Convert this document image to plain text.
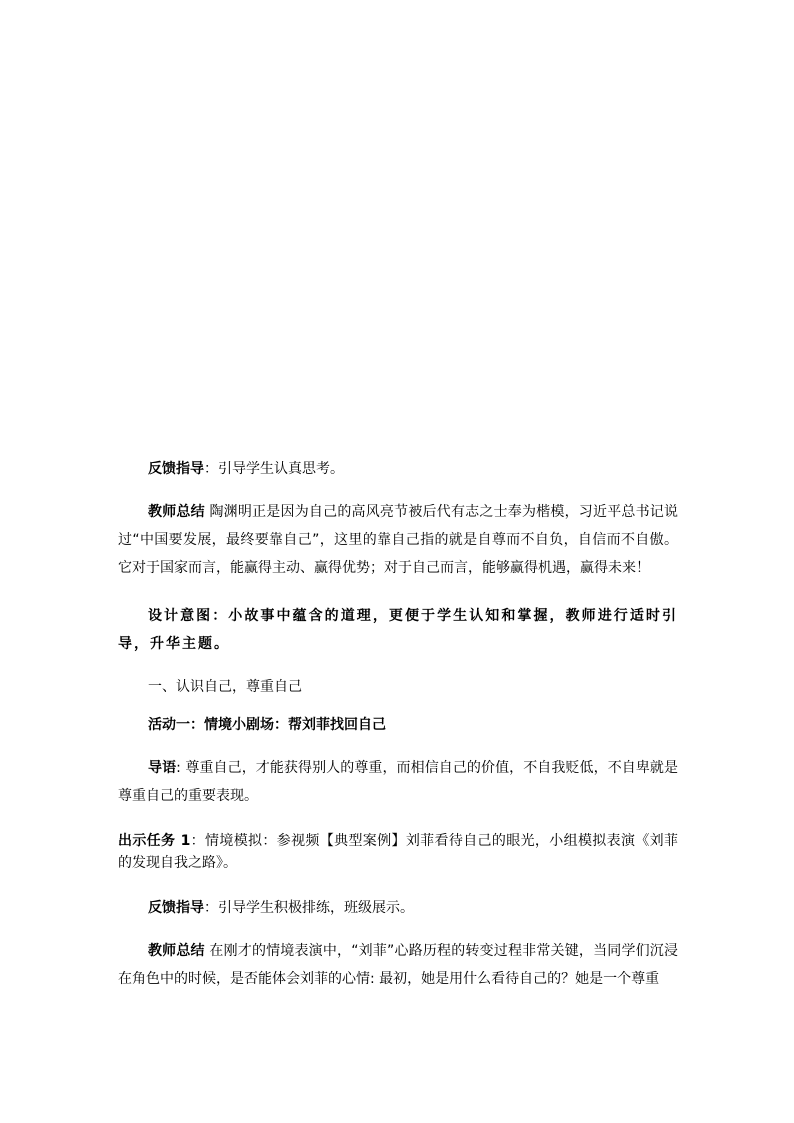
反馈指导：引导学生认真思考。

教师总结 陶渊明正是因为自己的高风亮节被后代有志之士奉为楷模，习近平总书记说过“中国要发展，最终要靠自己”，这里的靠自己指的就是自尊而不自负，自信而不自傲。它对于国家而言，能赢得主动、赢得优势；对于自己而言，能够赢得机遇，赢得未来！

设计意图：小故事中蕴含的道理，更便于学生认知和掌握，教师进行适时引导，升华主题。

一、认识自己，尊重自己

活动一：情境小剧场：帮刘菲找回自己

导语: 尊重自己，才能获得别人的尊重，而相信自己的价值，不自我贬低，不自卑就是尊重自己的重要表现。

出示任务 1：情境模拟：参视频【典型案例】刘菲看待自己的眼光，小组模拟表演《刘菲的发现自我之路》。

反馈指导：引导学生积极排练，班级展示。

教师总结 在刚才的情境表演中，“刘菲”心路历程的转变过程非常关键，当同学们沉浸在角色中的时候，是否能体会刘菲的心情: 最初，她是用什么看待自己的？她是一个尊重
